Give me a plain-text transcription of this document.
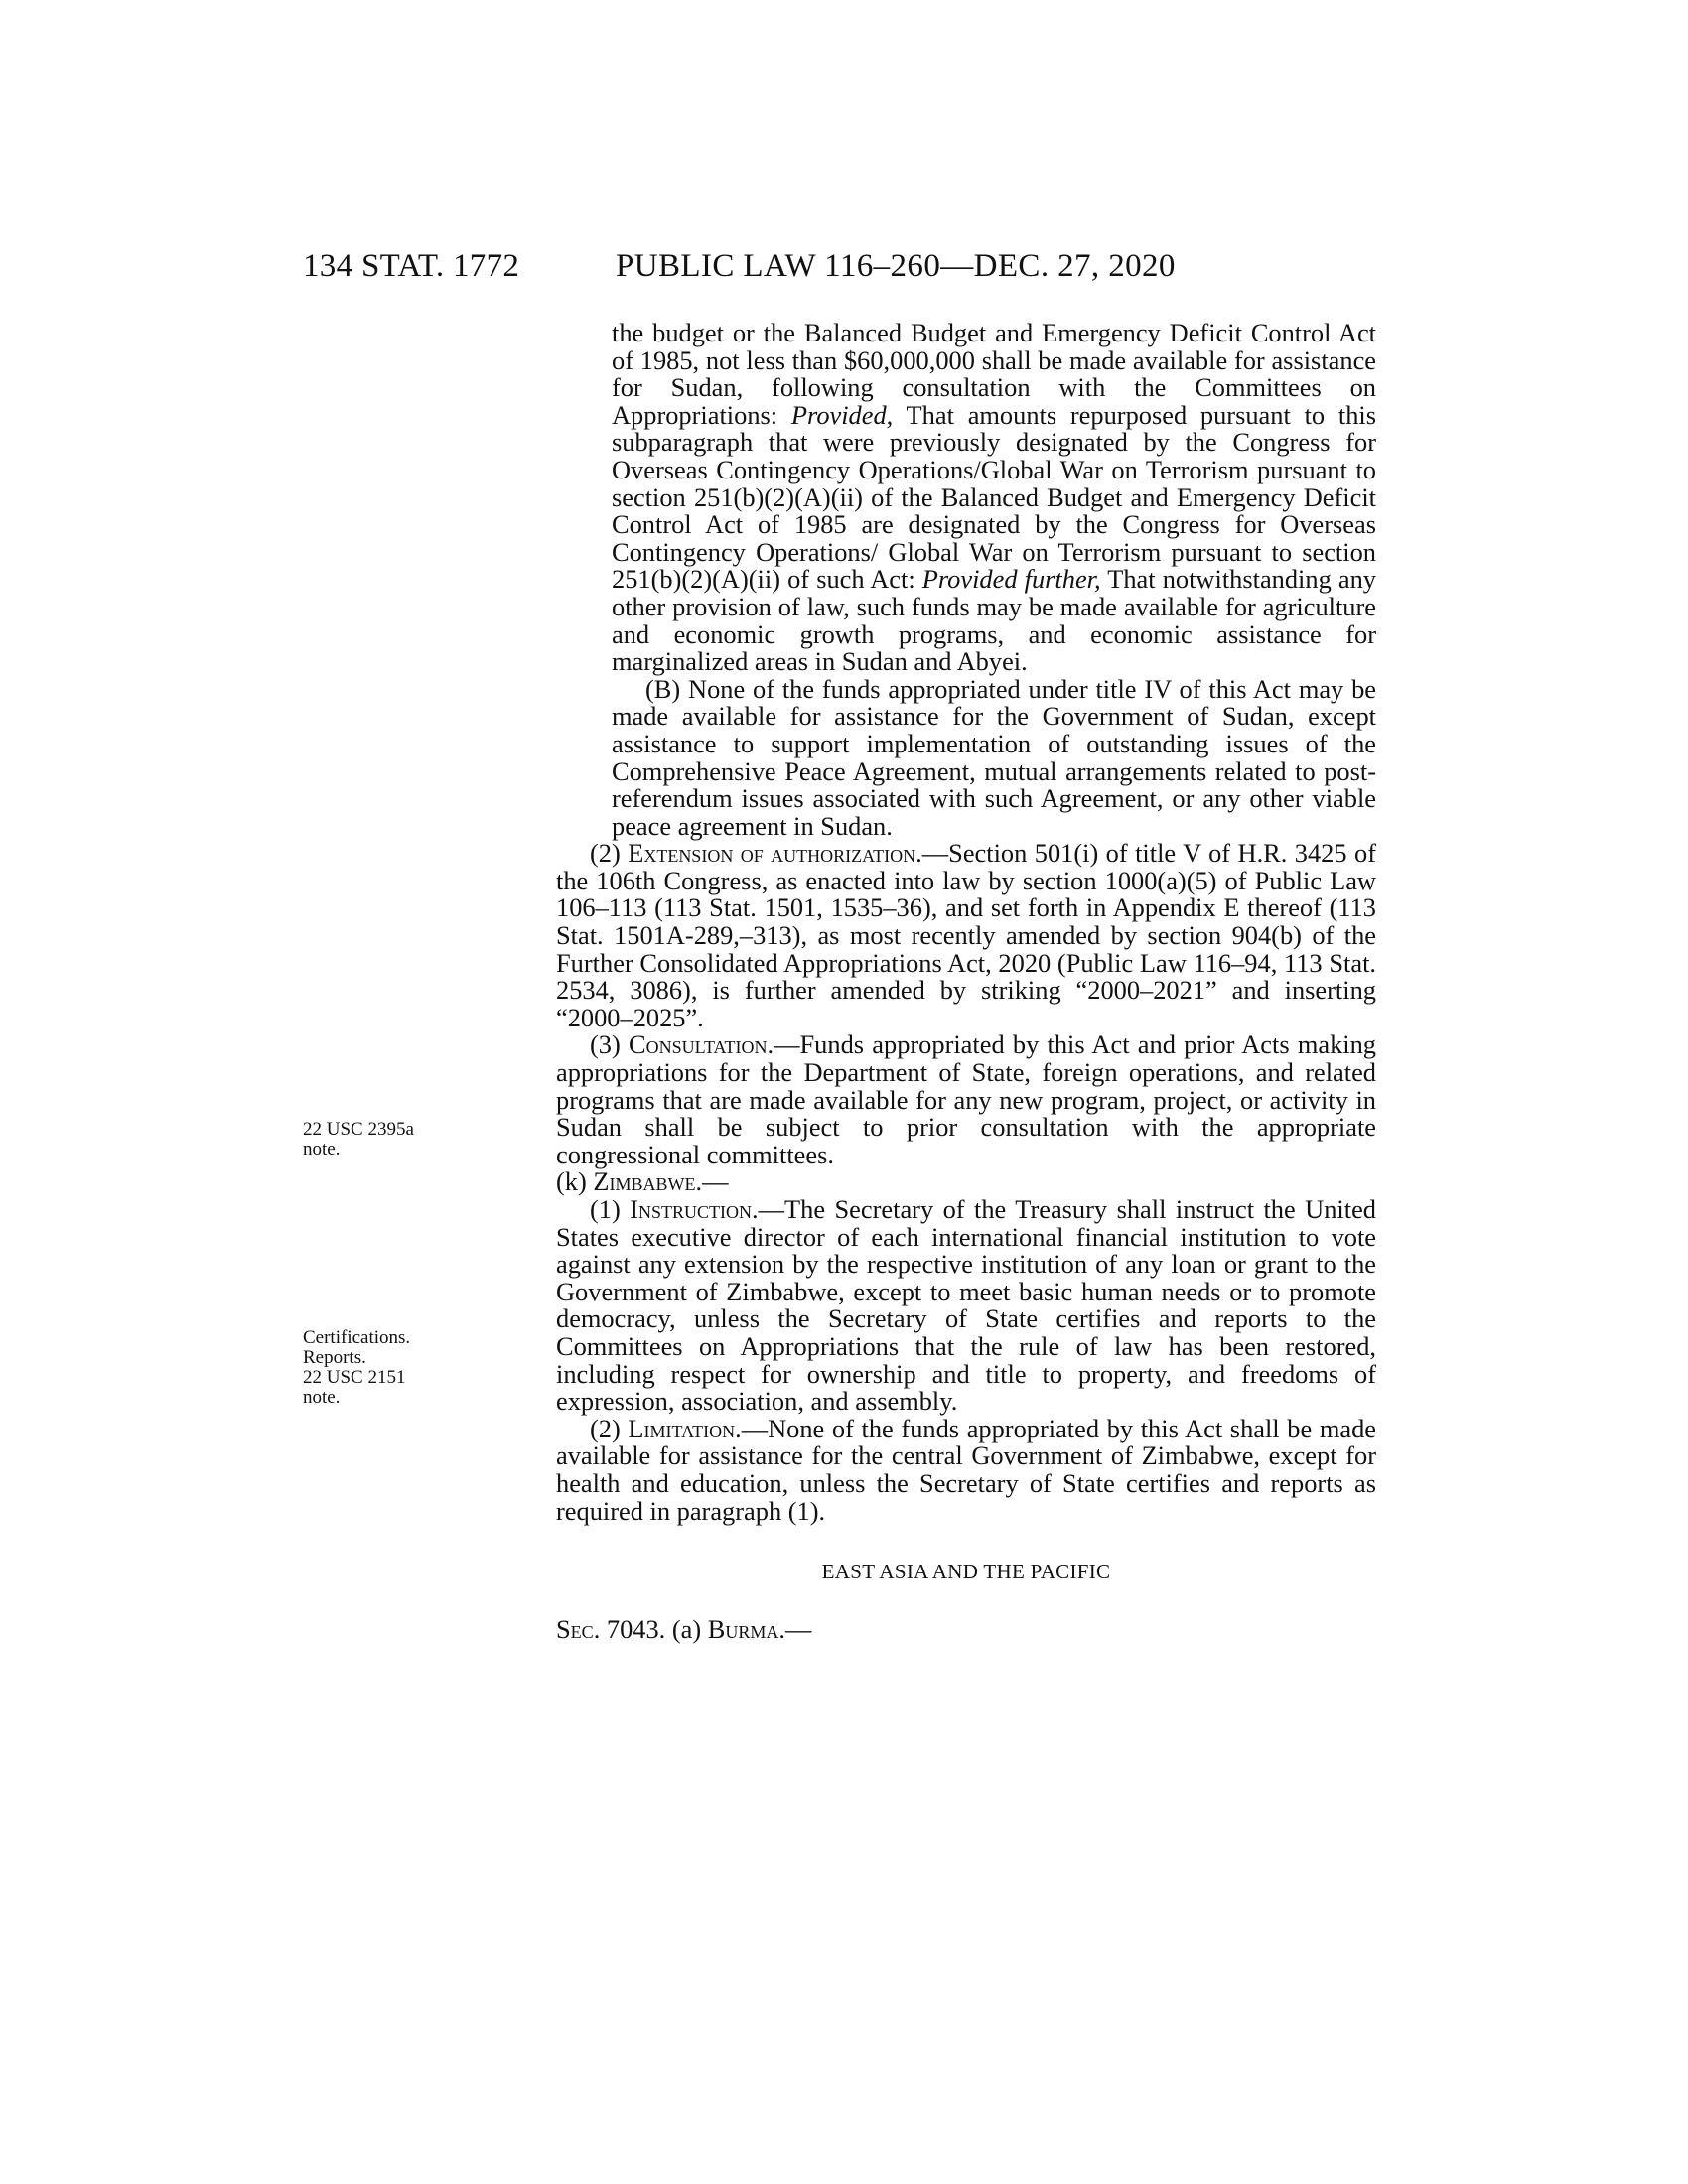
134 STAT. 1772	PUBLIC LAW 116–260—DEC. 27, 2020
22 USC 2395a
note.
Certifications.
Reports.
22 USC 2151
note.

the budget or the Balanced Budget and Emergency Deficit Control Act of 1985, not less than $60,000,000 shall be made available for assistance for Sudan, following consultation with the Committees on Appropriations: Provided, That amounts repurposed pursuant to this subparagraph that were previously designated by the Congress for Overseas Contingency Operations/Global War on Terrorism pursuant to section 251(b)(2)(A)(ii) of the Balanced Budget and Emergency Deficit Control Act of 1985 are designated by the Congress for Overseas Contingency Operations/ Global War on Terrorism pursuant to section 251(b)(2)(A)(ii) of such Act: Provided further, That notwithstanding any other provision of law, such funds may be made available for agriculture and economic growth programs, and economic assistance for marginalized areas in Sudan and Abyei.

(B) None of the funds appropriated under title IV of this Act may be made available for assistance for the Government of Sudan, except assistance to support implementation of outstanding issues of the Comprehensive Peace Agreement, mutual arrangements related to post-referendum issues associated with such Agreement, or any other viable peace agreement in Sudan.

(2) Extension of authorization.—Section 501(i) of title V of H.R. 3425 of the 106th Congress, as enacted into law by section 1000(a)(5) of Public Law 106–113 (113 Stat. 1501, 1535–36), and set forth in Appendix E thereof (113 Stat. 1501A-289,–313), as most recently amended by section 904(b) of the Further Consolidated Appropriations Act, 2020 (Public Law 116–94, 113 Stat. 2534, 3086), is further amended by striking “2000–2021” and inserting “2000–2025”.

(3) Consultation.—Funds appropriated by this Act and prior Acts making appropriations for the Department of State, foreign operations, and related programs that are made available for any new program, project, or activity in Sudan shall be subject to prior consultation with the appropriate congressional committees.

(k) Zimbabwe.—

(1) Instruction.—The Secretary of the Treasury shall instruct the United States executive director of each international financial institution to vote against any extension by the respective institution of any loan or grant to the Government of Zimbabwe, except to meet basic human needs or to promote democracy, unless the Secretary of State certifies and reports to the Committees on Appropriations that the rule of law has been restored, including respect for ownership and title to property, and freedoms of expression, association, and assembly.

(2) Limitation.—None of the funds appropriated by this Act shall be made available for assistance for the central Government of Zimbabwe, except for health and education, unless the Secretary of State certifies and reports as required in paragraph (1).

EAST ASIA AND THE PACIFIC

Sec. 7043. (a) Burma.—
